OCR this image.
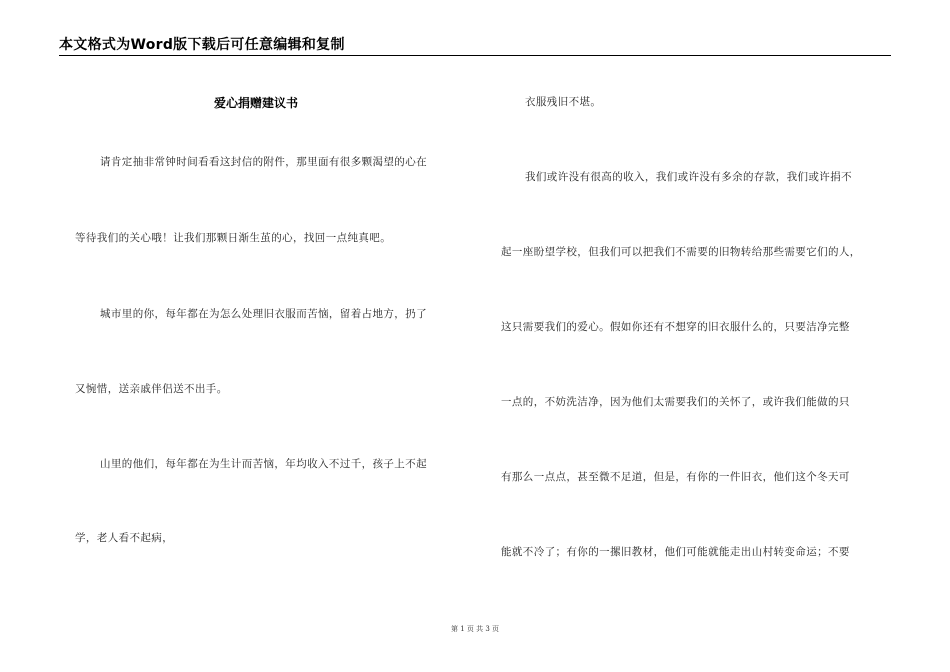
本文格式为Word版下载后可任意编辑和复制
爱心捐赠建议书
请肯定抽非常钟时间看看这封信的附件，那里面有很多颗渴望的心在
等待我们的关心哦！让我们那颗日渐生茧的心，找回一点纯真吧。
城市里的你，每年都在为怎么处理旧衣服而苦恼，留着占地方，扔了
又惋惜，送亲戚伴侣送不出手。
山里的他们，每年都在为生计而苦恼，年均收入不过千，孩子上不起
学，老人看不起病，
衣服残旧不堪。
我们或许没有很高的收入，我们或许没有多余的存款，我们或许捐不
起一座盼望学校，但我们可以把我们不需要的旧物转给那些需要它们的人，
这只需要我们的爱心。假如你还有不想穿的旧衣服什么的，只要洁净完整
一点的，不妨洗洁净，因为他们太需要我们的关怀了，或许我们能做的只
有那么一点点，甚至微不足道，但是，有你的一件旧衣，他们这个冬天可
能就不冷了；有你的一摞旧教材，他们可能就能走出山村转变命运；不要
第 1 页 共 3 页
